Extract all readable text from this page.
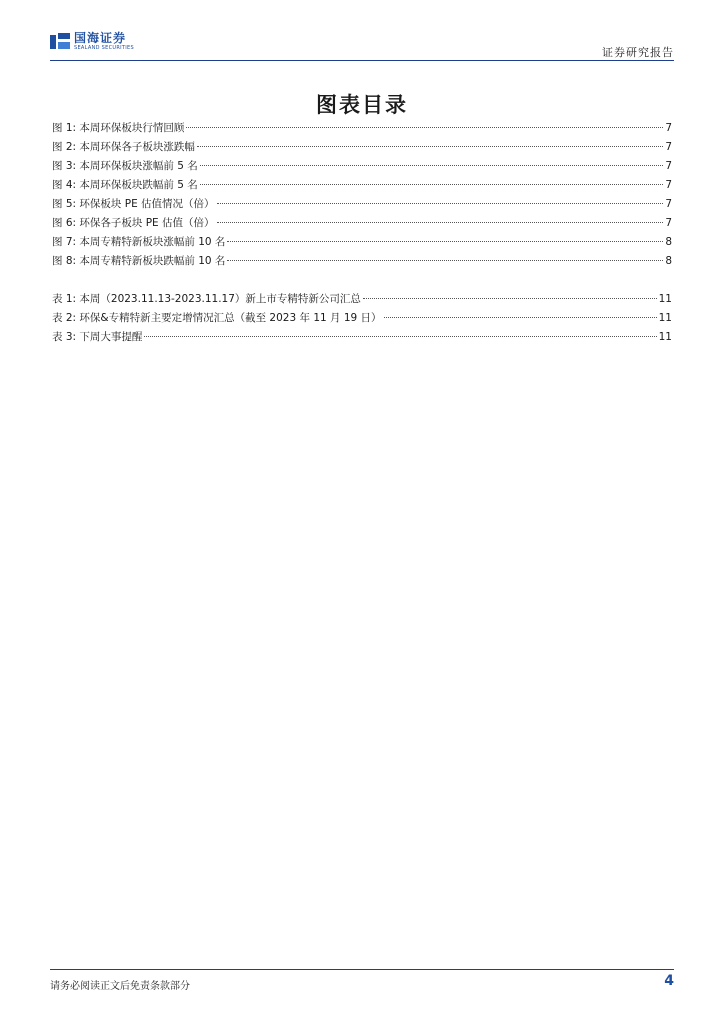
国海证券
SEALAND SECURITIES	证券研究报告
图表目录
图 1: 本周环保板块行情回顾	7
图 2: 本周环保各子板块涨跌幅	7
图 3: 本周环保板块涨幅前 5 名	7
图 4: 本周环保板块跌幅前 5 名	7
图 5: 环保板块 PE 估值情况（倍）	7
图 6: 环保各子板块 PE 估值（倍）	7
图 7: 本周专精特新板块涨幅前 10 名	8
图 8: 本周专精特新板块跌幅前 10 名	8
表 1: 本周（2023.11.13-2023.11.17）新上市专精特新公司汇总	11
表 2: 环保&专精特新主要定增情况汇总（截至 2023 年 11 月 19 日）	11
表 3: 下周大事提醒	11
请务必阅读正文后免责条款部分	4
